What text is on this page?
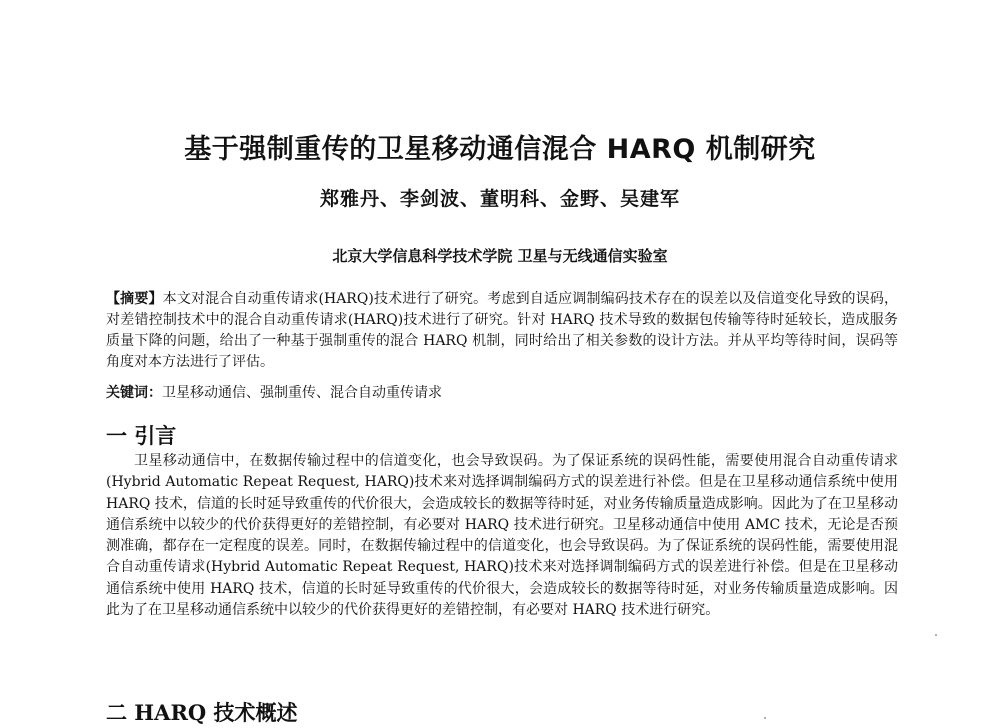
基于强制重传的卫星移动通信混合 HARQ 机制研究
郑雅丹、李剑波、董明科、金野、吴建军
北京大学信息科学技术学院 卫星与无线通信实验室
【摘要】本文对混合自动重传请求(HARQ)技术进行了研究。考虑到自适应调制编码技术存在的误差以及信道变化导致的误码，对差错控制技术中的混合自动重传请求(HARQ)技术进行了研究。针对 HARQ 技术导致的数据包传输等待时延较长，造成服务质量下降的问题，给出了一种基于强制重传的混合 HARQ 机制，同时给出了相关参数的设计方法。并从平均等待时间，误码等角度对本方法进行了评估。
关键词：卫星移动通信、强制重传、混合自动重传请求
一 引言
卫星移动通信中，在数据传输过程中的信道变化，也会导致误码。为了保证系统的误码性能，需要使用混合自动重传请求(Hybrid Automatic Repeat Request, HARQ)技术来对选择调制编码方式的误差进行补偿。但是在卫星移动通信系统中使用 HARQ 技术，信道的长时延导致重传的代价很大，会造成较长的数据等待时延，对业务传输质量造成影响。因此为了在卫星移动通信系统中以较少的代价获得更好的差错控制，有必要对 HARQ 技术进行研究。卫星移动通信中使用 AMC 技术，无论是否预测准确，都存在一定程度的误差。同时，在数据传输过程中的信道变化，也会导致误码。为了保证系统的误码性能，需要使用混合自动重传请求(Hybrid Automatic Repeat Request, HARQ)技术来对选择调制编码方式的误差进行补偿。但是在卫星移动通信系统中使用 HARQ 技术，信道的长时延导致重传的代价很大，会造成较长的数据等待时延，对业务传输质量造成影响。因此为了在卫星移动通信系统中以较少的代价获得更好的差错控制，有必要对 HARQ 技术进行研究。
二 HARQ 技术概述
